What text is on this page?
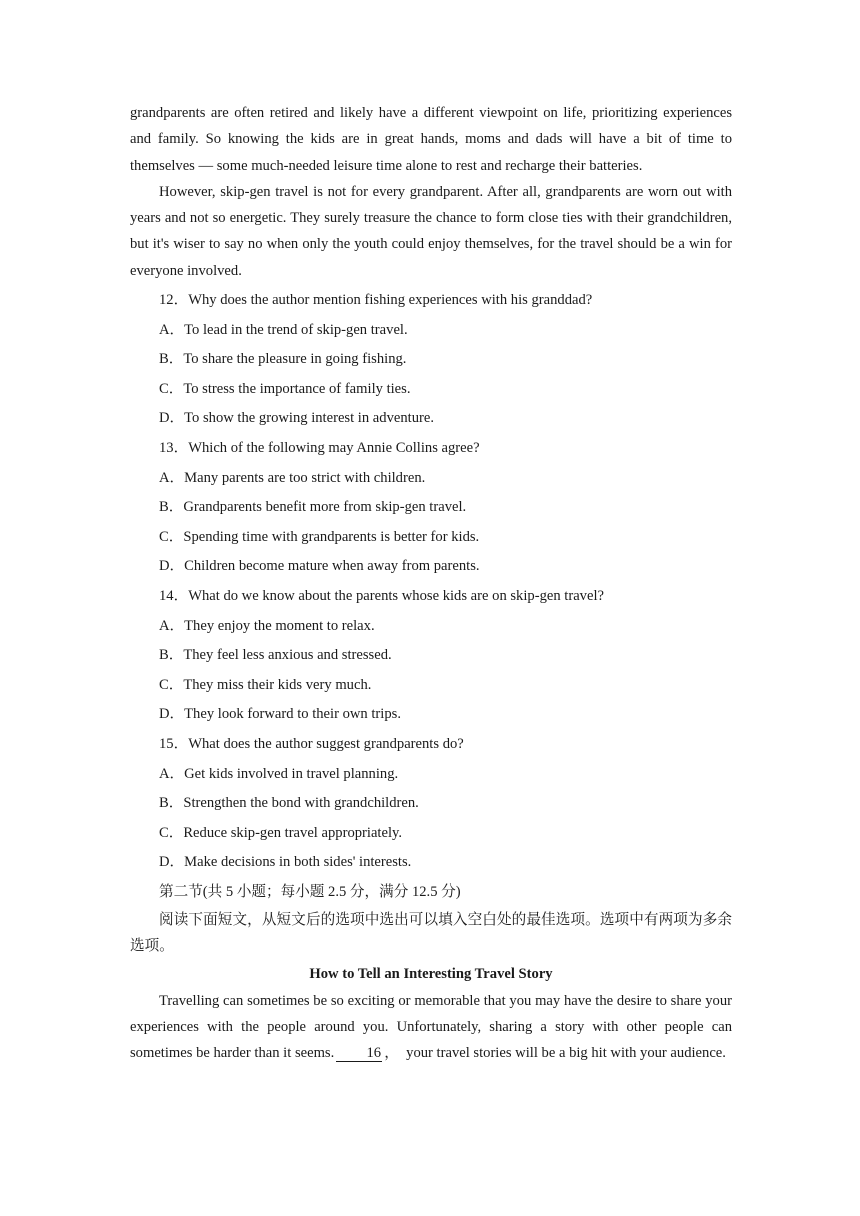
grandparents are often retired and likely have a different viewpoint on life, prioritizing experiences and family. So knowing the kids are in great hands, moms and dads will have a bit of time to themselves — some much-needed leisure time alone to rest and recharge their batteries.

However, skip-gen travel is not for every grandparent. After all, grandparents are worn out with years and not so energetic. They surely treasure the chance to form close ties with their grandchildren, but it's wiser to say no when only the youth could enjoy themselves, for the travel should be a win for everyone involved.

12．Why does the author mention fishing experiences with his granddad?

A．To lead in the trend of skip-gen travel.

B．To share the pleasure in going fishing.

C．To stress the importance of family ties.

D．To show the growing interest in adventure.

13．Which of the following may Annie Collins agree?

A．Many parents are too strict with children.

B．Grandparents benefit more from skip-gen travel.

C．Spending time with grandparents is better for kids.

D．Children become mature when away from parents.

14．What do we know about the parents whose kids are on skip-gen travel?

A．They enjoy the moment to relax.

B．They feel less anxious and stressed.

C．They miss their kids very much.

D．They look forward to their own trips.

15．What does the author suggest grandparents do?

A．Get kids involved in travel planning.

B．Strengthen the bond with grandchildren.

C．Reduce skip-gen travel appropriately.

D．Make decisions in both sides' interests.

第二节(共 5 小题；每小题 2.5 分，满分 12.5 分)

阅读下面短文，从短文后的选项中选出可以填入空白处的最佳选项。选项中有两项为多余选项。

How to Tell an Interesting Travel Story

Travelling can sometimes be so exciting or memorable that you may have the desire to share your experiences with the people around you. Unfortunately, sharing a story with other people can sometimes be harder than it seems. 16 ，　your travel stories will be a big hit with your audience.
